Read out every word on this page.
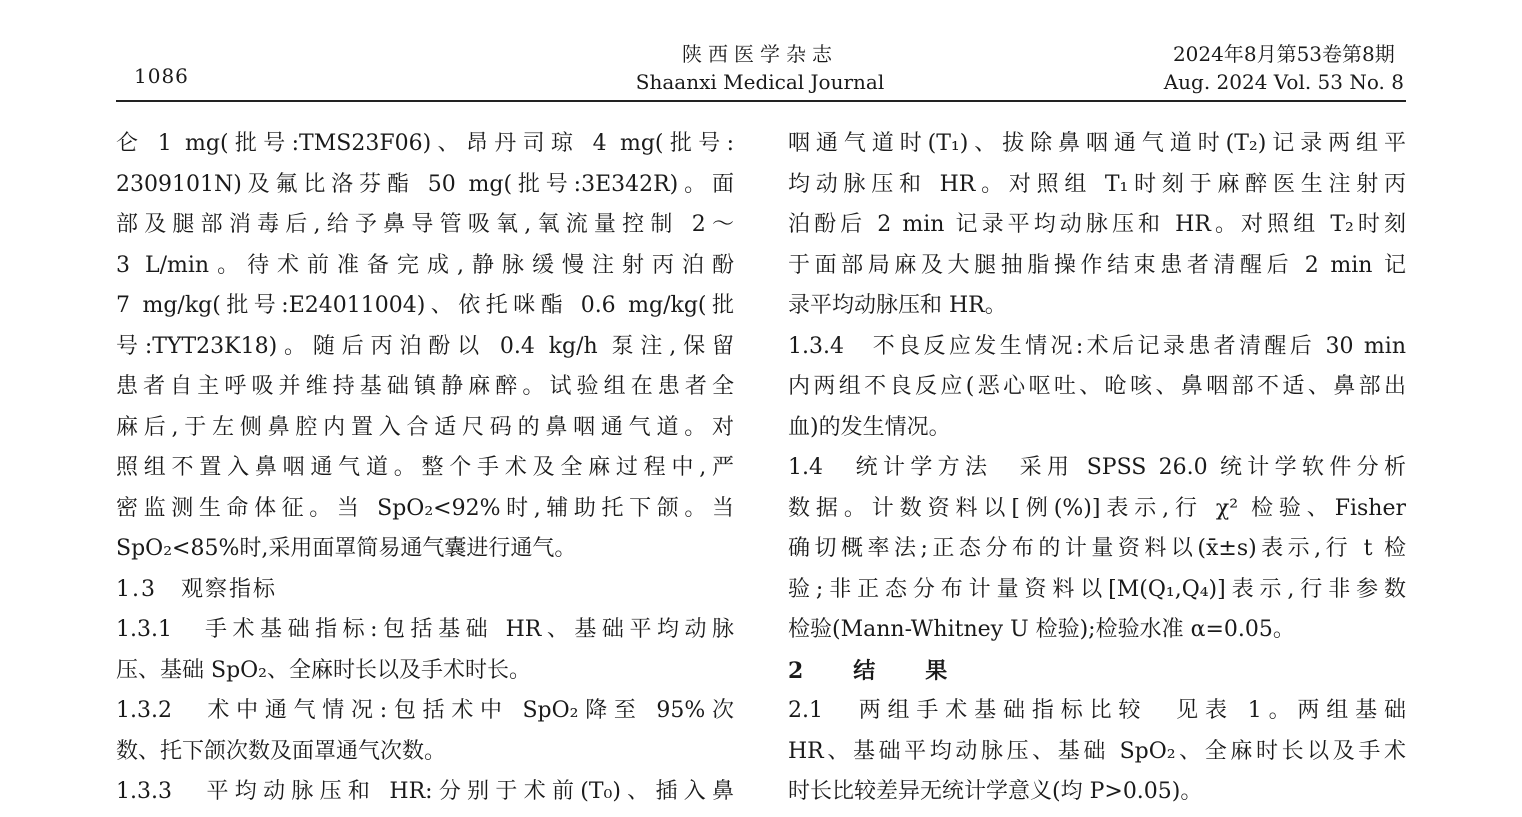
1086
陕西医学杂志
Shaanxi Medical Journal
2024年8月第53卷第8期
Aug. 2024 Vol. 53 No. 8
仑 1 mg(批号:TMS23F06)、昂丹司琼 4 mg(批号:
2309101N)及氟比洛芬酯 50 mg(批号:3E342R)。面
部及腿部消毒后,给予鼻导管吸氧,氧流量控制 2～
3 L/min。待术前准备完成,静脉缓慢注射丙泊酚
7 mg/kg(批号:E24011004)、依托咪酯 0.6 mg/kg(批
号:TYT23K18)。随后丙泊酚以 0.4 kg/h 泵注,保留
患者自主呼吸并维持基础镇静麻醉。试验组在患者全
麻后,于左侧鼻腔内置入合适尺码的鼻咽通气道。对
照组不置入鼻咽通气道。整个手术及全麻过程中,严
密监测生命体征。当 SpO₂<92%时,辅助托下颌。当
SpO₂<85%时,采用面罩简易通气囊进行通气。
1.3　观察指标
1.3.1　手术基础指标:包括基础 HR、基础平均动脉
压、基础 SpO₂、全麻时长以及手术时长。
1.3.2　术中通气情况:包括术中 SpO₂降至 95%次
数、托下颌次数及面罩通气次数。
1.3.3　平均动脉压和 HR:分别于术前(T₀)、插入鼻
咽通气道时(T₁)、拔除鼻咽通气道时(T₂)记录两组平
均动脉压和 HR。对照组 T₁时刻于麻醉医生注射丙
泊酚后 2 min 记录平均动脉压和 HR。对照组 T₂时刻
于面部局麻及大腿抽脂操作结束患者清醒后 2 min 记
录平均动脉压和 HR。
1.3.4　不良反应发生情况:术后记录患者清醒后 30 min
内两组不良反应(恶心呕吐、呛咳、鼻咽部不适、鼻部出
血)的发生情况。
1.4　统计学方法　采用 SPSS 26.0 统计学软件分析
数据。计数资料以[例(%)]表示,行 χ² 检验、Fisher
确切概率法;正态分布的计量资料以(x̄±s)表示,行 t 检
验;非正态分布计量资料以[M(Q₁,Q₄)]表示,行非参数
检验(Mann-Whitney U 检验);检验水准 α=0.05。
2　结　果
2.1　两组手术基础指标比较　见表 1。两组基础
HR、基础平均动脉压、基础 SpO₂、全麻时长以及手术
时长比较差异无统计学意义(均 P>0.05)。
